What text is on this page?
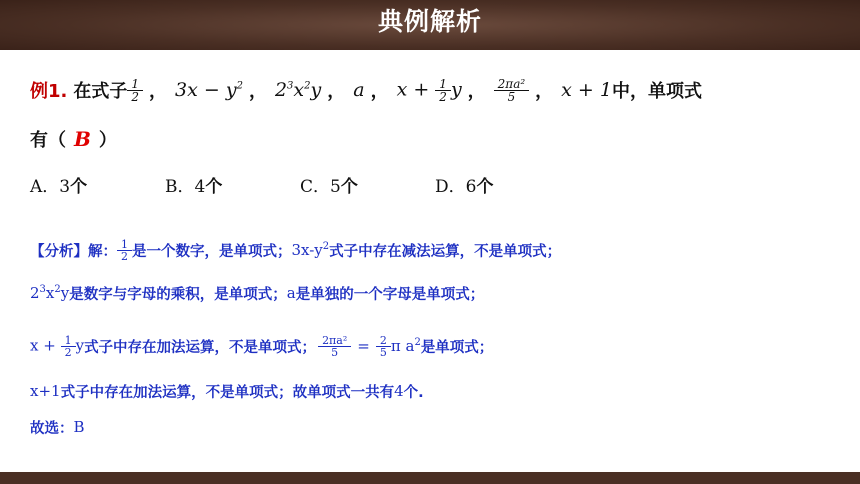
典例解析
例1. 在式子 $\frac{1}{2}$ ， $3x - y^2$ ， $2^3x^2y$ ， a ， $x + \frac{1}{2}$ y ， $\frac{\text{2πa²}}{5}$ ， x + 1 中，单项式
有（ B ）
A．3个	B．4个	C．5个	D．6个
【分析】 解： $\frac{1}{2}$ 是一个数字，是单项式； $3x-y^2$ 式子中存在减法运算，不是单项式；
$2^3x^2y$ 是数字与字母的乘积，是单项式； a 是单独的一个字母是单项式；
$x + \frac{1}{2}$ y 式子中存在加法运算，不是单项式； $\frac{\text{2πa²}}{5} = \frac{2}{5}$ π $a^2$ 是单项式；
x+1 式子中存在加法运算，不是单项式；故单项式一共有 4 个.
故选： B
